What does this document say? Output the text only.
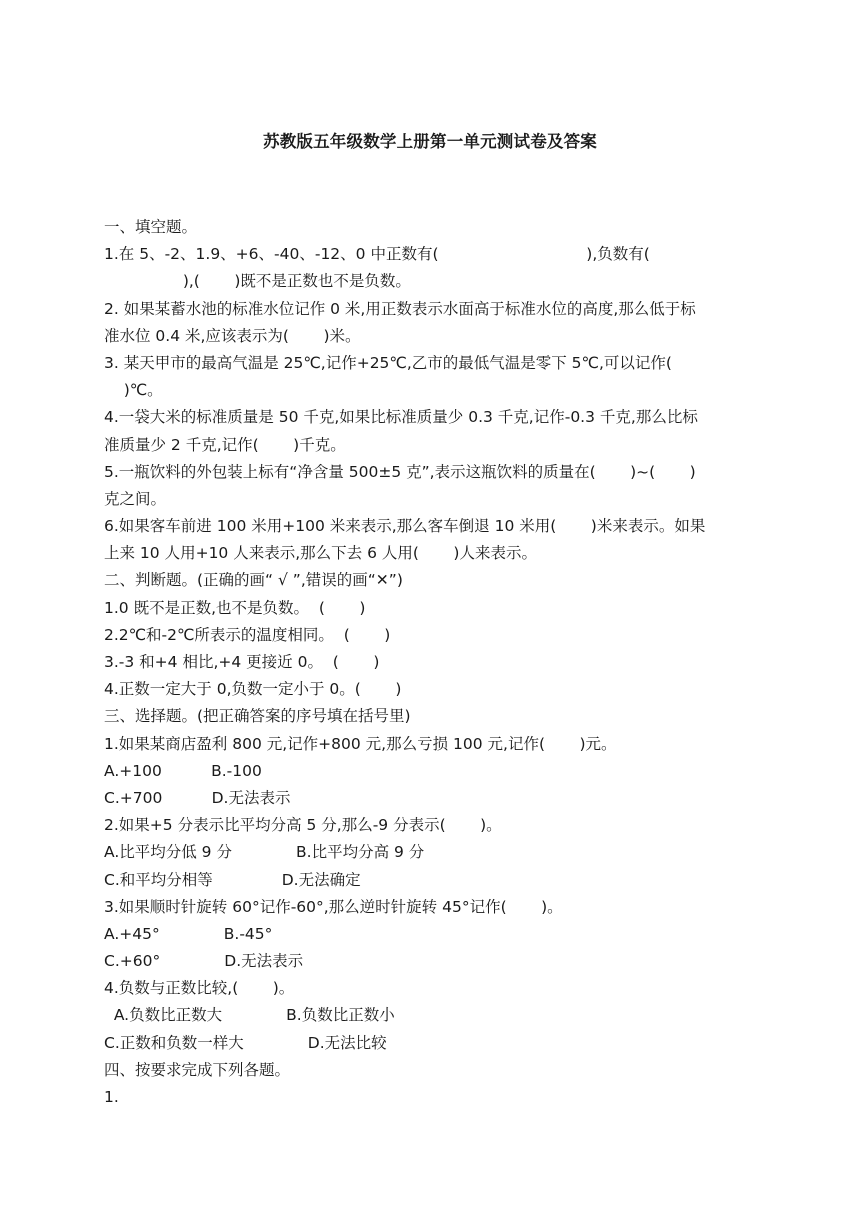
苏教版五年级数学上册第一单元测试卷及答案
一、填空题。
1.在 5、-2、1.9、+6、-40、-12、0 中正数有(                              ),负数有(
),(       )既不是正数也不是负数。
2. 如果某蓄水池的标准水位记作 0 米,用正数表示水面高于标准水位的高度,那么低于标
准水位 0.4 米,应该表示为(       )米。
3. 某天甲市的最高气温是 25℃,记作+25℃,乙市的最低气温是零下 5℃,可以记作(
)℃。
4.一袋大米的标准质量是 50 千克,如果比标准质量少 0.3 千克,记作-0.3 千克,那么比标
准质量少 2 千克,记作(       )千克。
5.一瓶饮料的外包装上标有“净含量 500±5 克”,表示这瓶饮料的质量在(       )~(       )
克之间。
6.如果客车前进 100 米用+100 米来表示,那么客车倒退 10 米用(       )米来表示。如果
上来 10 人用+10 人来表示,那么下去 6 人用(       )人来表示。
二、判断题。(正确的画“ √ ”,错误的画“✕”)
1.0 既不是正数,也不是负数。  (       )
2.2℃和-2℃所表示的温度相同。  (       )
3.-3 和+4 相比,+4 更接近 0。  (       )
4.正数一定大于 0,负数一定小于 0。(       )
三、选择题。(把正确答案的序号填在括号里)
1.如果某商店盈利 800 元,记作+800 元,那么亏损 100 元,记作(       )元。
A.+100          B.-100
C.+700          D.无法表示
2.如果+5 分表示比平均分高 5 分,那么-9 分表示(       )。
A.比平均分低 9 分             B.比平均分高 9 分
C.和平均分相等              D.无法确定
3.如果顺时针旋转 60°记作-60°,那么逆时针旋转 45°记作(       )。
A.+45°             B.-45°
C.+60°             D.无法表示
4.负数与正数比较,(       )。
A.负数比正数大             B.负数比正数小
C.正数和负数一样大             D.无法比较
四、按要求完成下列各题。
1.
